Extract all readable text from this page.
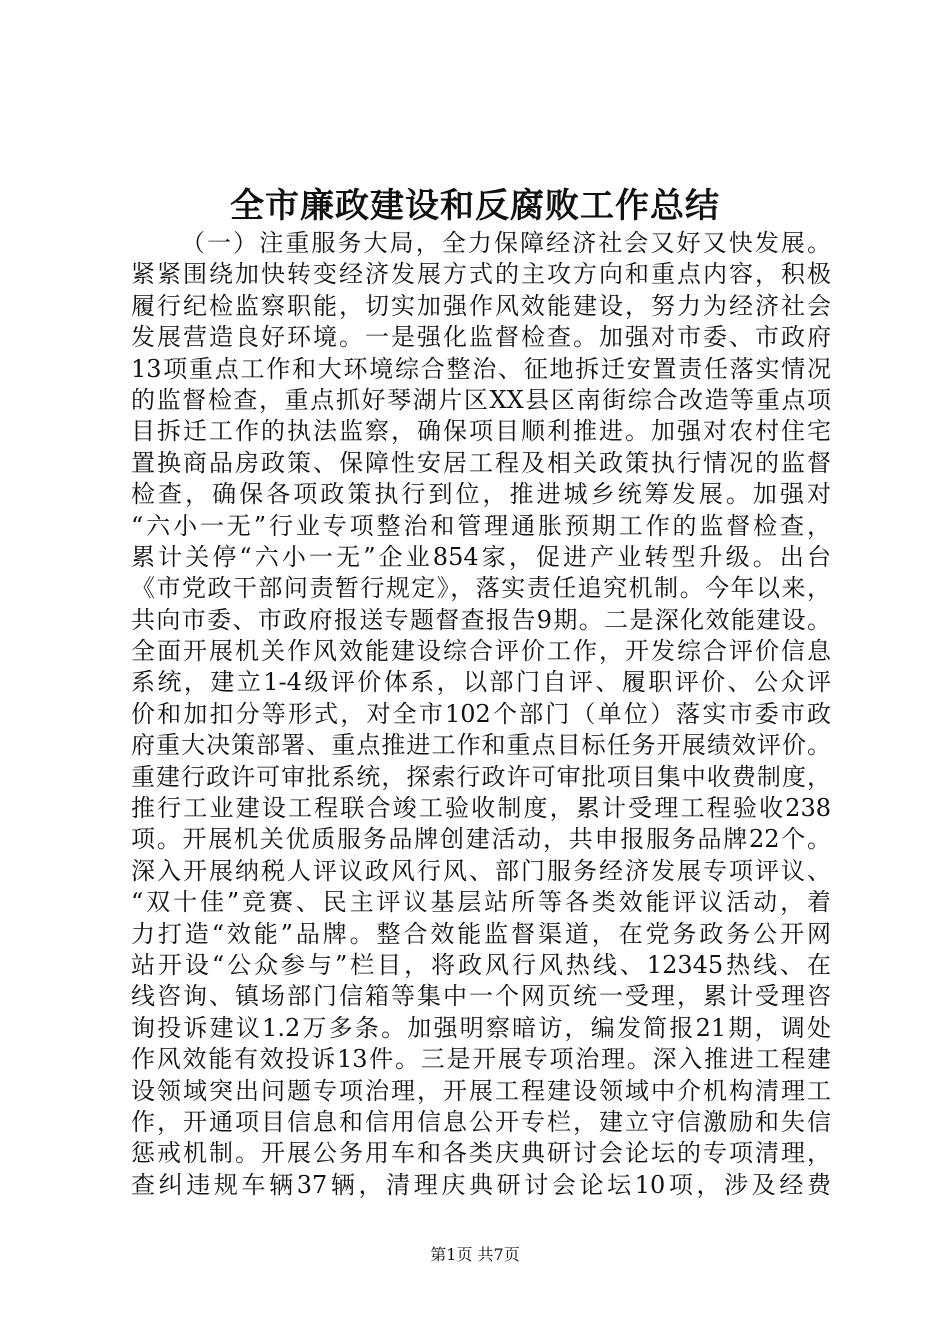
全市廉政建设和反腐败工作总结
（一）注重服务大局，全力保障经济社会又好又快发展。
紧紧围绕加快转变经济发展方式的主攻方向和重点内容，积极
履行纪检监察职能，切实加强作风效能建设，努力为经济社会
发展营造良好环境。一是强化监督检查。加强对市委、市政府
13项重点工作和大环境综合整治、征地拆迁安置责任落实情况
的监督检查，重点抓好琴湖片区XX县区南街综合改造等重点项
目拆迁工作的执法监察，确保项目顺利推进。加强对农村住宅
置换商品房政策、保障性安居工程及相关政策执行情况的监督
检查，确保各项政策执行到位，推进城乡统筹发展。加强对
“六小一无”行业专项整治和管理通胀预期工作的监督检查，
累计关停“六小一无”企业854家，促进产业转型升级。出台
《市党政干部问责暂行规定》，落实责任追究机制。今年以来，
共向市委、市政府报送专题督查报告9期。二是深化效能建设。
全面开展机关作风效能建设综合评价工作，开发综合评价信息
系统，建立1-4级评价体系，以部门自评、履职评价、公众评
价和加扣分等形式，对全市102个部门（单位）落实市委市政
府重大决策部署、重点推进工作和重点目标任务开展绩效评价。
重建行政许可审批系统，探索行政许可审批项目集中收费制度，
推行工业建设工程联合竣工验收制度，累计受理工程验收238
项。开展机关优质服务品牌创建活动，共申报服务品牌22个。
深入开展纳税人评议政风行风、部门服务经济发展专项评议、
“双十佳”竞赛、民主评议基层站所等各类效能评议活动，着
力打造“效能”品牌。整合效能监督渠道，在党务政务公开网
站开设“公众参与”栏目，将政风行风热线、12345热线、在
线咨询、镇场部门信箱等集中一个网页统一受理，累计受理咨
询投诉建议1.2万多条。加强明察暗访，编发简报21期，调处
作风效能有效投诉13件。三是开展专项治理。深入推进工程建
设领域突出问题专项治理，开展工程建设领域中介机构清理工
作，开通项目信息和信用信息公开专栏，建立守信激励和失信
惩戒机制。开展公务用车和各类庆典研讨会论坛的专项清理，
查纠违规车辆37辆，清理庆典研讨会论坛10项，涉及经费
第1页 共7页
